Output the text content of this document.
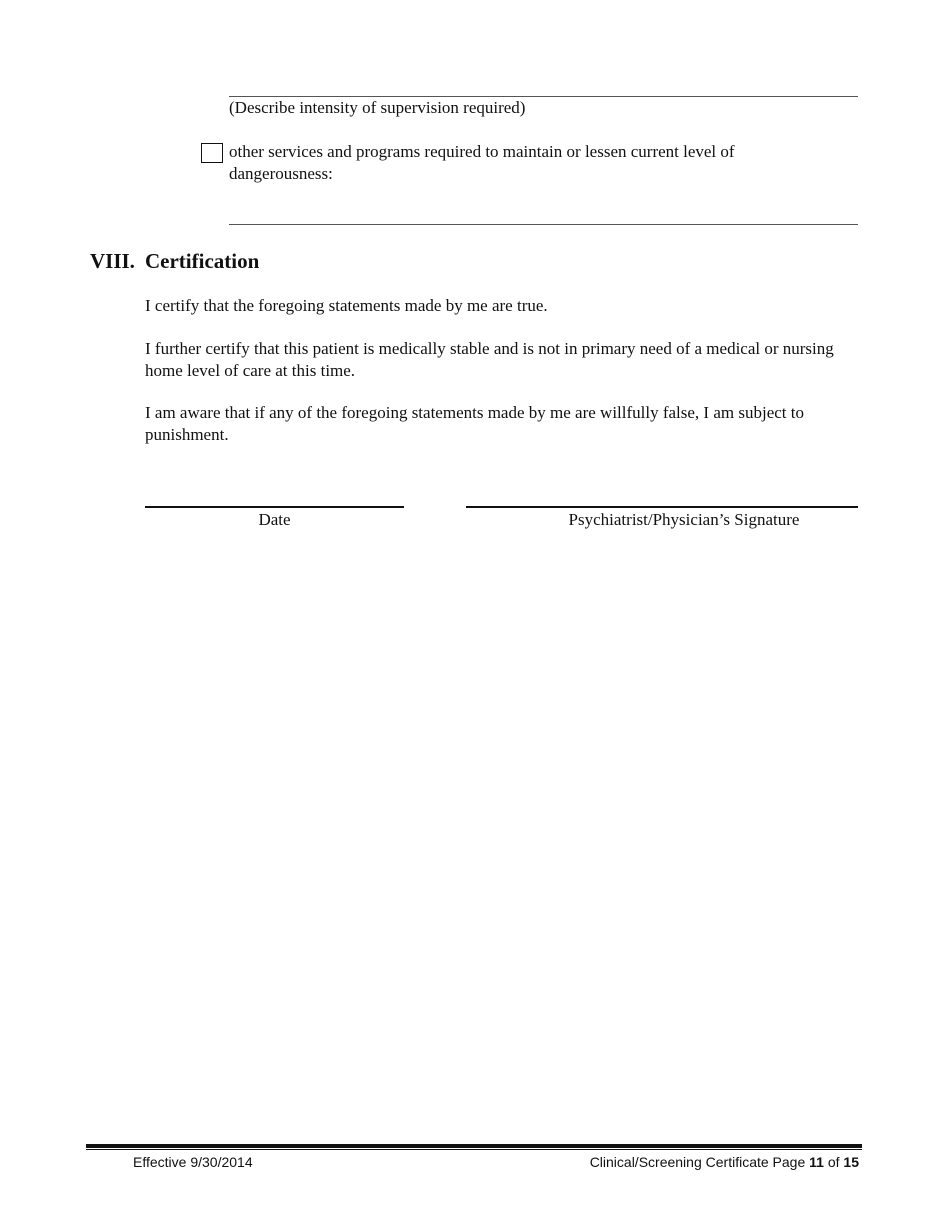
(Describe intensity of supervision required)
other services and programs required to maintain or lessen current level of dangerousness:
VIII. Certification
I certify that the foregoing statements made by me are true.
I further certify that this patient is medically stable and is not in primary need of a medical or nursing home level of care at this time.
I am aware that if any of the foregoing statements made by me are willfully false, I am subject to punishment.
Date	Psychiatrist/Physician’s Signature
Effective 9/30/2014	Clinical/Screening Certificate Page 11 of 15
